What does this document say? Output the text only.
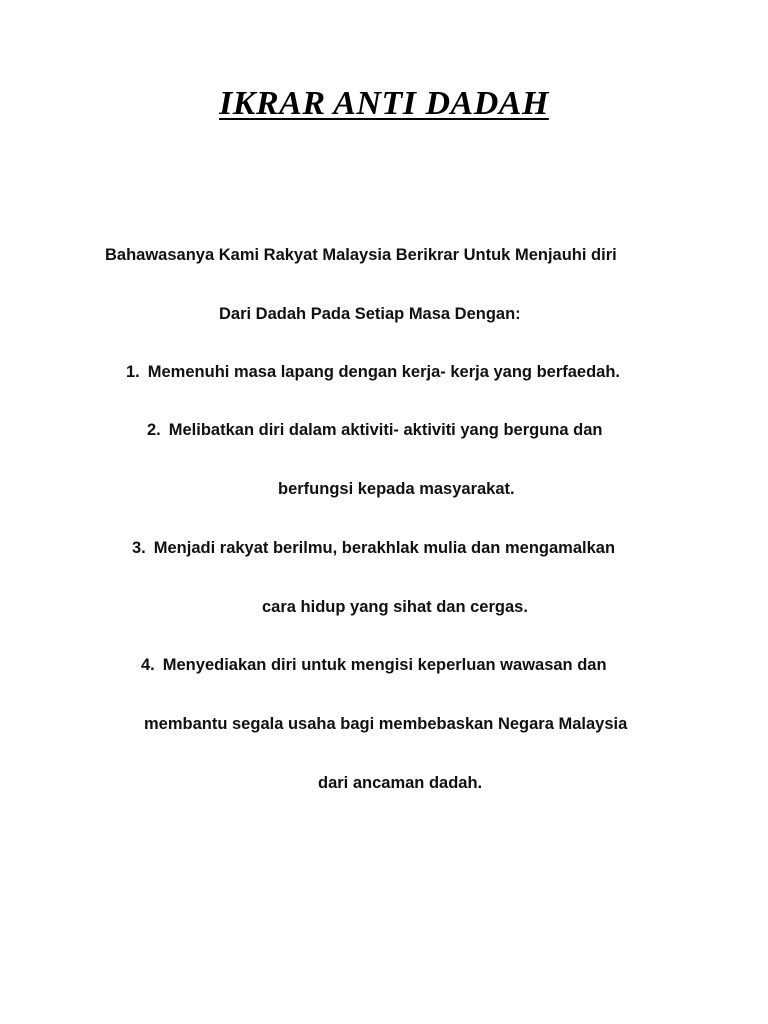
IKRAR ANTI DADAH
Bahawasanya Kami Rakyat Malaysia Berikrar Untuk Menjauhi diri
Dari Dadah Pada Setiap Masa Dengan:
1. Memenuhi masa lapang dengan kerja- kerja yang berfaedah.
2. Melibatkan diri dalam aktiviti- aktiviti yang berguna dan
berfungsi kepada masyarakat.
3. Menjadi rakyat berilmu, berakhlak mulia dan mengamalkan
cara hidup yang sihat dan cergas.
4. Menyediakan diri untuk mengisi keperluan wawasan dan
membantu segala usaha bagi membebaskan Negara Malaysia
dari ancaman dadah.
